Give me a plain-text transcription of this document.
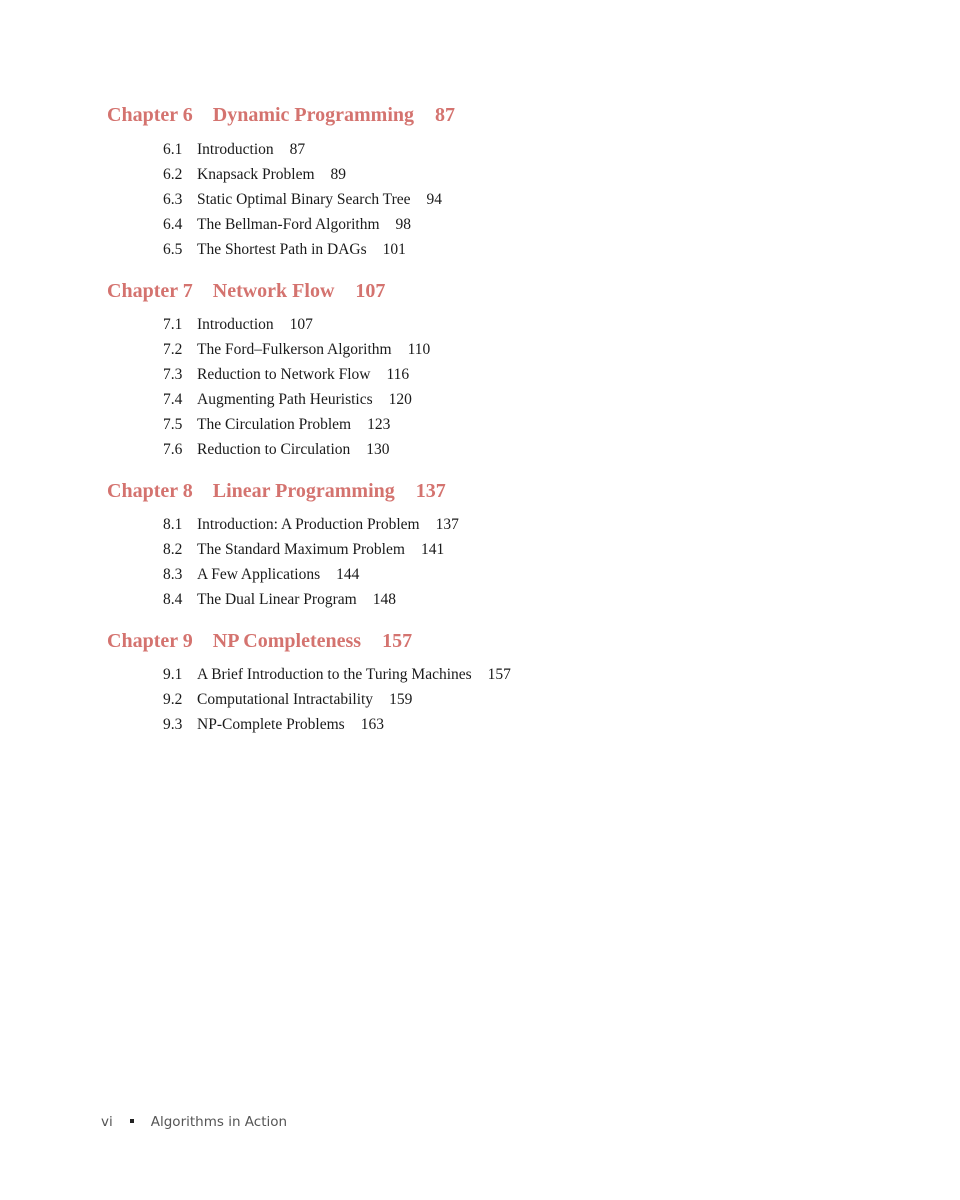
Chapter 6 Dynamic Programming 87
6.1 Introduction 87
6.2 Knapsack Problem 89
6.3 Static Optimal Binary Search Tree 94
6.4 The Bellman-Ford Algorithm 98
6.5 The Shortest Path in DAGs 101
Chapter 7 Network Flow 107
7.1 Introduction 107
7.2 The Ford–Fulkerson Algorithm 110
7.3 Reduction to Network Flow 116
7.4 Augmenting Path Heuristics 120
7.5 The Circulation Problem 123
7.6 Reduction to Circulation 130
Chapter 8 Linear Programming 137
8.1 Introduction: A Production Problem 137
8.2 The Standard Maximum Problem 141
8.3 A Few Applications 144
8.4 The Dual Linear Program 148
Chapter 9 NP Completeness 157
9.1 A Brief Introduction to the Turing Machines 157
9.2 Computational Intractability 159
9.3 NP-Complete Problems 163
vi	Algorithms in Action
